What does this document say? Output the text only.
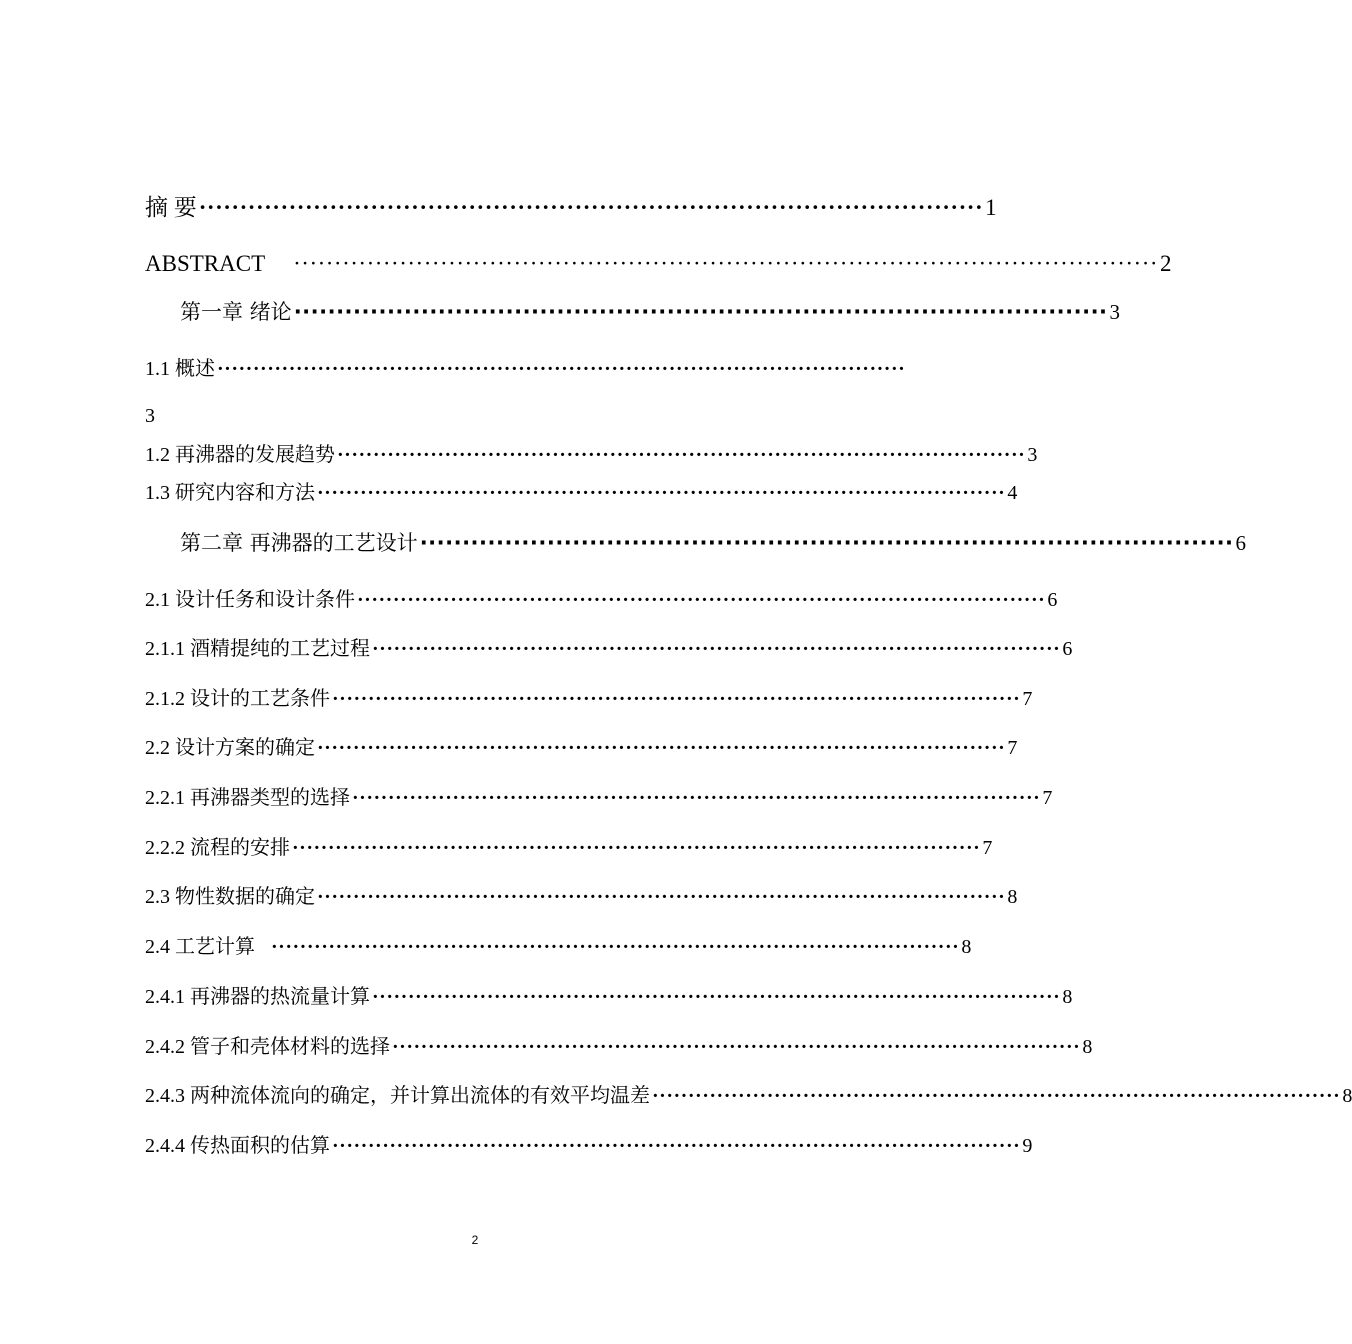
摘 要 ································································································ 1
ABSTRACT ·········································································································· 2
第一章 绪论 ································································································ 3
1.1 概述 ································································································
3
1.2 再沸器的发展趋势 ································································································ 3
1.3 研究内容和方法 ································································································ 4
第二章 再沸器的工艺设计 ································································································ 6
2.1 设计任务和设计条件 ································································································ 6
2.1.1 酒精提纯的工艺过程 ································································································ 6
2.1.2 设计的工艺条件 ································································································ 7
2.2 设计方案的确定 ································································································ 7
2.2.1 再沸器类型的选择 ································································································ 7
2.2.2 流程的安排 ································································································ 7
2.3 物性数据的确定 ································································································ 8
2.4 工艺计算 ································································································ 8
2.4.1 再沸器的热流量计算 ································································································ 8
2.4.2 管子和壳体材料的选择 ································································································ 8
2.4.3 两种流体流向的确定，并计算出流体的有效平均温差 ································································································ 8
2.4.4 传热面积的估算 ································································································ 9
2
